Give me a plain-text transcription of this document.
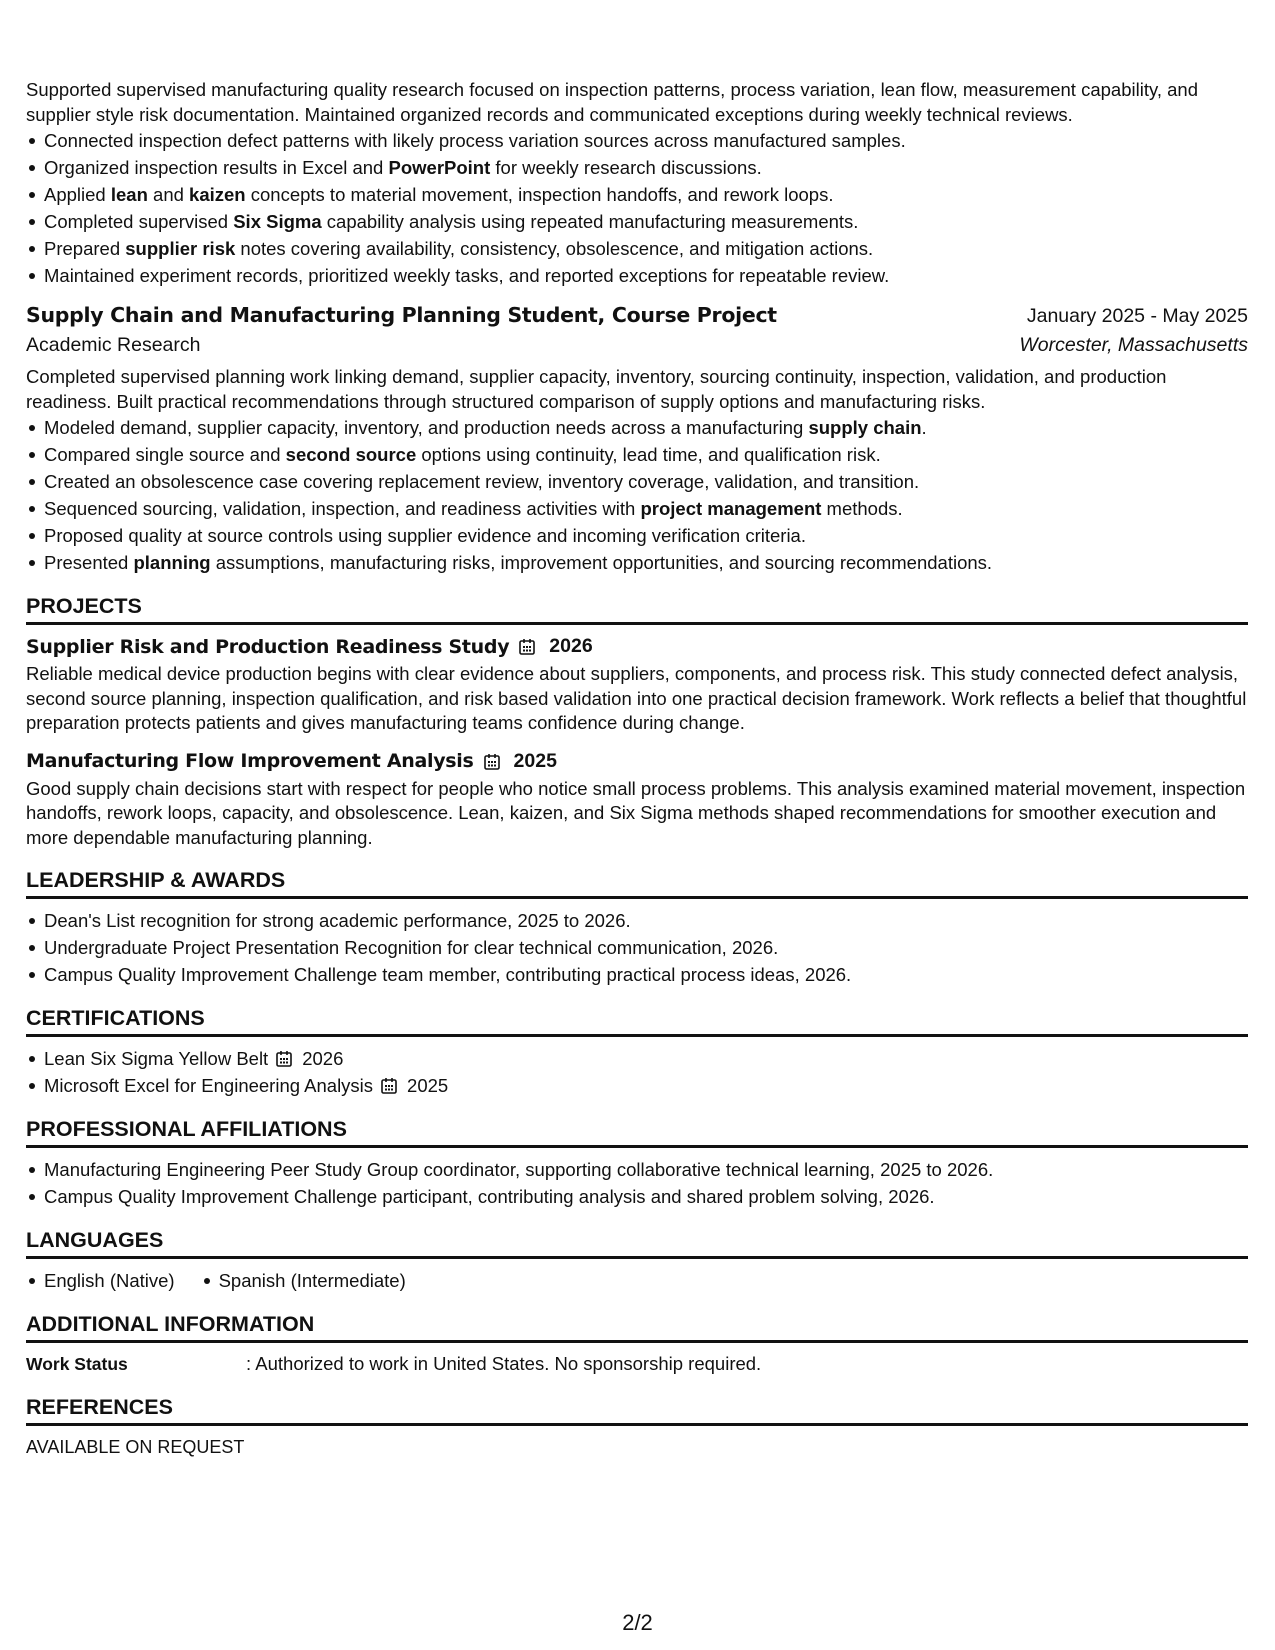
Supported supervised manufacturing quality research focused on inspection patterns, process variation, lean flow, measurement capability, and supplier style risk documentation. Maintained organized records and communicated exceptions during weekly technical reviews.

Connected inspection defect patterns with likely process variation sources across manufactured samples.
Organized inspection results in Excel and PowerPoint for weekly research discussions.
Applied lean and kaizen concepts to material movement, inspection handoffs, and rework loops.
Completed supervised Six Sigma capability analysis using repeated manufacturing measurements.
Prepared supplier risk notes covering availability, consistency, obsolescence, and mitigation actions.
Maintained experiment records, prioritized weekly tasks, and reported exceptions for repeatable review.
Supply Chain and Manufacturing Planning Student, Course Project	January 2025 - May 2025
Academic Research	Worcester, Massachusetts

Completed supervised planning work linking demand, supplier capacity, inventory, sourcing continuity, inspection, validation, and production readiness. Built practical recommendations through structured comparison of supply options and manufacturing risks.

Modeled demand, supplier capacity, inventory, and production needs across a manufacturing supply chain.
Compared single source and second source options using continuity, lead time, and qualification risk.
Created an obsolescence case covering replacement review, inventory coverage, validation, and transition.
Sequenced sourcing, validation, inspection, and readiness activities with project management methods.
Proposed quality at source controls using supplier evidence and incoming verification criteria.
Presented planning assumptions, manufacturing risks, improvement opportunities, and sourcing recommendations.
PROJECTS
Supplier Risk and Production Readiness Study 2026

Reliable medical device production begins with clear evidence about suppliers, components, and process risk. This study connected defect analysis, second source planning, inspection qualification, and risk based validation into one practical decision framework. Work reflects a belief that thoughtful preparation protects patients and gives manufacturing teams confidence during change.

Manufacturing Flow Improvement Analysis 2025

Good supply chain decisions start with respect for people who notice small process problems. This analysis examined material movement, inspection handoffs, rework loops, capacity, and obsolescence. Lean, kaizen, and Six Sigma methods shaped recommendations for smoother execution and more dependable manufacturing planning.

LEADERSHIP & AWARDS
Dean's List recognition for strong academic performance, 2025 to 2026.
Undergraduate Project Presentation Recognition for clear technical communication, 2026.
Campus Quality Improvement Challenge team member, contributing practical process ideas, 2026.
CERTIFICATIONS
Lean Six Sigma Yellow Belt 2026
Microsoft Excel for Engineering Analysis 2025
PROFESSIONAL AFFILIATIONS
Manufacturing Engineering Peer Study Group coordinator, supporting collaborative technical learning, 2025 to 2026.
Campus Quality Improvement Challenge participant, contributing analysis and shared problem solving, 2026.
LANGUAGES
English (Native) Spanish (Intermediate)
ADDITIONAL INFORMATION
Work Status	: Authorized to work in United States. No sponsorship required.
REFERENCES
AVAILABLE ON REQUEST
2/2
